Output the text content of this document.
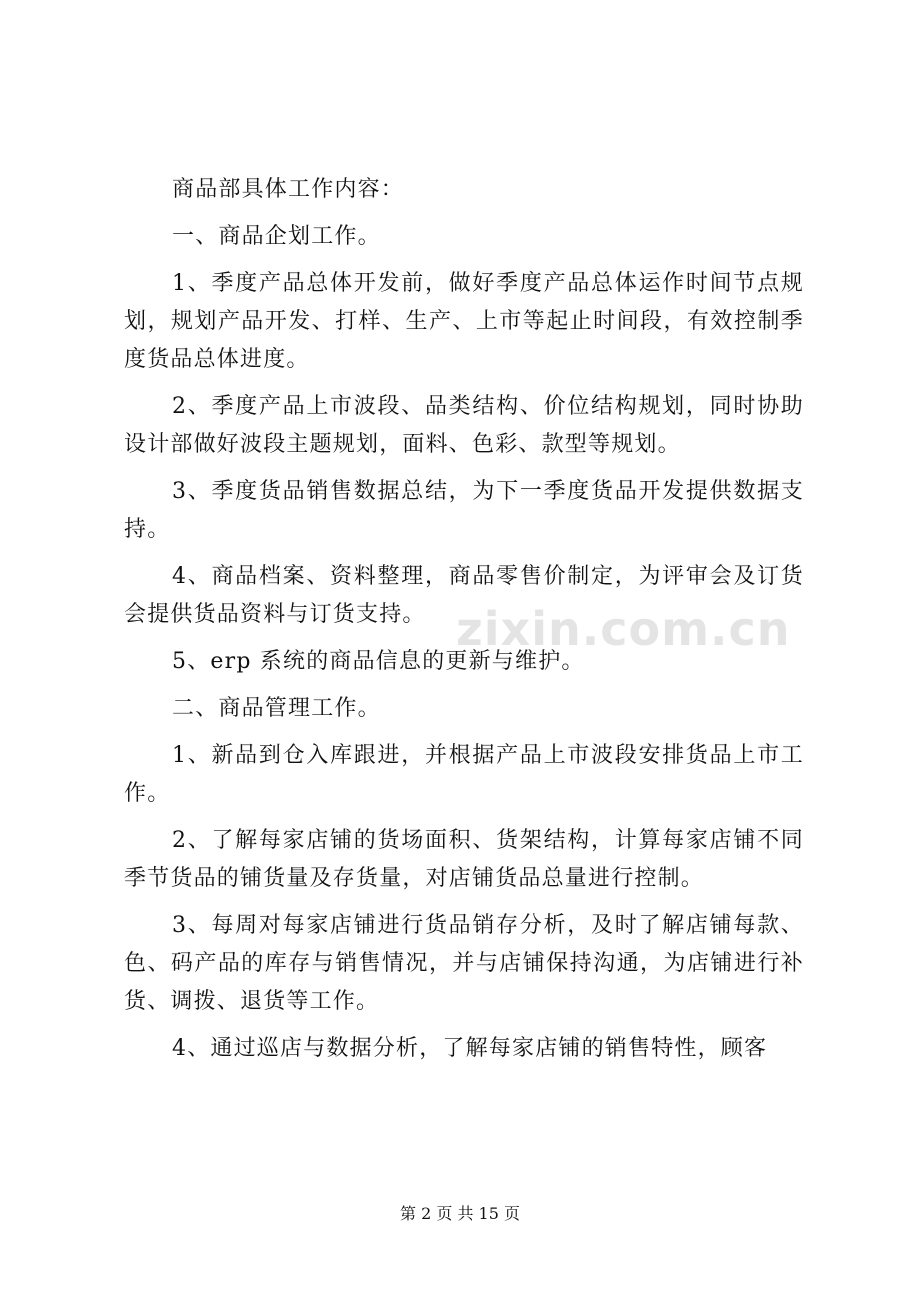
商品部具体工作内容：

一、商品企划工作。

1、季度产品总体开发前，做好季度产品总体运作时间节点规划，规划产品开发、打样、生产、上市等起止时间段，有效控制季度货品总体进度。

2、季度产品上市波段、品类结构、价位结构规划，同时协助设计部做好波段主题规划，面料、色彩、款型等规划。

3、季度货品销售数据总结，为下一季度货品开发提供数据支持。

4、商品档案、资料整理，商品零售价制定，为评审会及订货会提供货品资料与订货支持。

5、erp 系统的商品信息的更新与维护。

二、商品管理工作。

1、新品到仓入库跟进，并根据产品上市波段安排货品上市工作。

2、了解每家店铺的货场面积、货架结构，计算每家店铺不同季节货品的铺货量及存货量，对店铺货品总量进行控制。

3、每周对每家店铺进行货品销存分析，及时了解店铺每款、色、码产品的库存与销售情况，并与店铺保持沟通，为店铺进行补货、调拨、退货等工作。

4、通过巡店与数据分析，了解每家店铺的销售特性，顾客

zixin.com.cn
第 2 页 共 15 页
